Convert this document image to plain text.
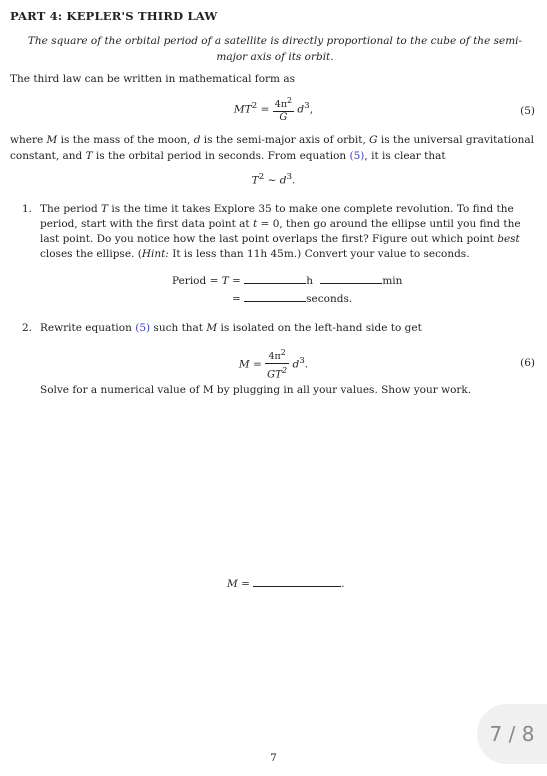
PART 4: KEPLER'S THIRD LAW
The square of the orbital period of a satellite is directly proportional to the cube of the semi-major axis of its orbit.
The third law can be written in mathematical form as
$MT^2 = \frac{4\pi^2}{G} d^3$,	(5)
where M is the mass of the moon, d is the semi-major axis of orbit, G is the universal gravitational constant, and T is the orbital period in seconds. From equation (5), it is clear that
$T^2$ ∼ $d^3$.
1. The period T is the time it takes Explore 35 to make one complete revolution. To find the period, start with the first data point at t = 0, then go around the ellipse until you find the last point. Do you notice how the last point overlaps the first? Figure out which point best closes the ellipse. (Hint: It is less than 11h 45m.) Convert your value to seconds.
Period = T =	h	min
=	seconds.
2. Rewrite equation (5) such that M is isolated on the left-hand side to get
$M = \frac{4\pi^2}{GT^2} d^3$.	(6)
Solve for a numerical value of M by plugging in all your values. Show your work.
M =	.
7
7 / 8
